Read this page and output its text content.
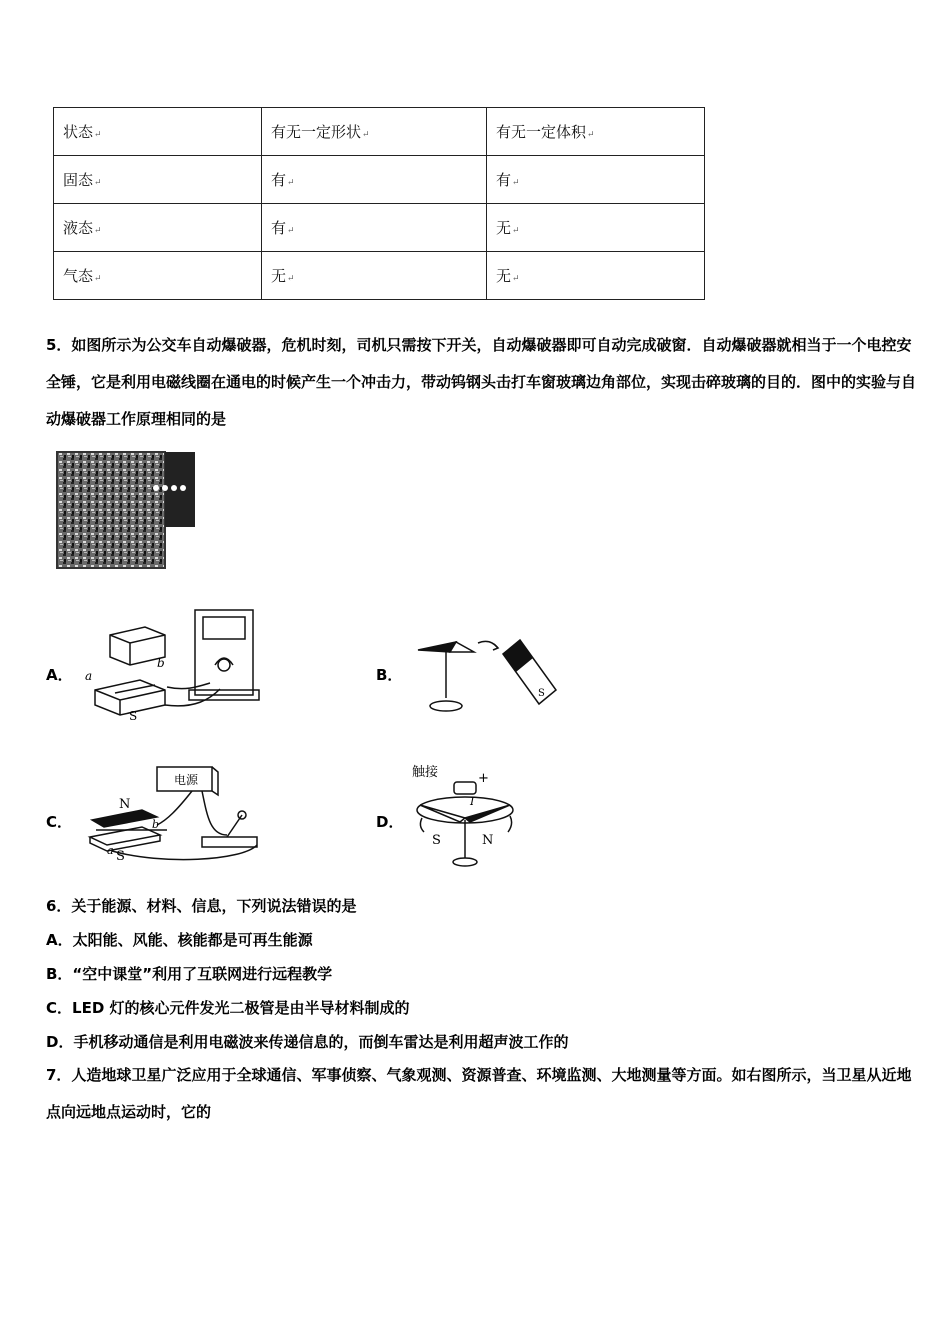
状态↵	有无一定形状↵	有无一定体积↵
固态↵	有↵	有↵
液态↵	有↵	无↵
气态↵	无↵	无↵

5．如图所示为公交车自动爆破器，危机时刻，司机只需按下开关，自动爆破器即可自动完成破窗．自动爆破器就相当于一个电控安全锤，它是利用电磁线圈在通电的时候产生一个冲击力，带动钨钢头击打车窗玻璃边角部位，实现击碎玻璃的目的．图中的实验与自动爆破器工作原理相同的是

A． a
b
S
B．
S
C．
电源
N
S
a
b	D．
触接	+
I
S	N

6．关于能源、材料、信息，下列说法错误的是

A．太阳能、风能、核能都是可再生能源

B．“空中课堂”利用了互联网进行远程教学

C．LED 灯的核心元件发光二极管是由半导材料制成的

D．手机移动通信是利用电磁波来传递信息的，而倒车雷达是利用超声波工作的

7．人造地球卫星广泛应用于全球通信、军事侦察、气象观测、资源普查、环境监测、大地测量等方面。如右图所示，当卫星从近地点向远地点运动时，它的
